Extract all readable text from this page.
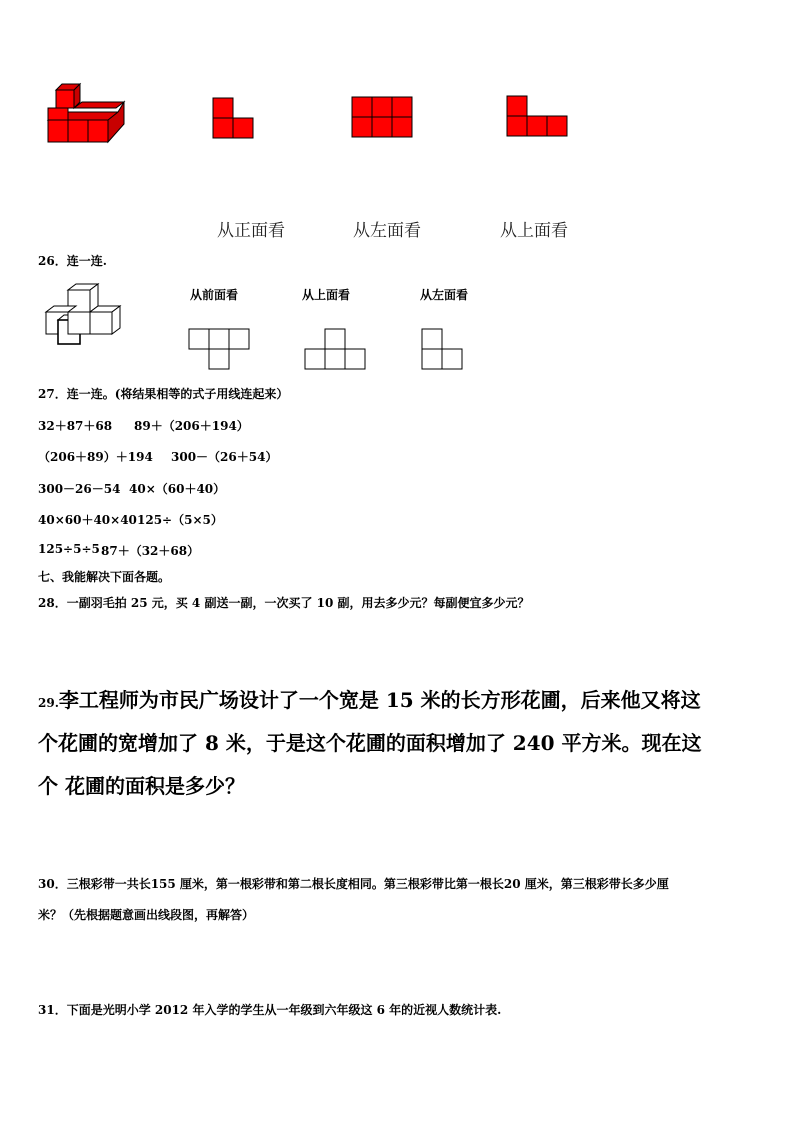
从正面看	从左面看	从上面看
26．连一连.
从前面看	从上面看	从左面看
27．连一连。(将结果相等的式子用线连起来）
32＋87＋68 89＋（206＋194）
（206＋89）＋194 300－（26＋54）
300－26－54 40×（60＋40）
40×60＋40×40 125÷（5×5）
125÷5÷5 87＋（32＋68）
七、我能解决下面各题。
28．一副羽毛拍 25 元，买 4 副送一副，一次买了 10 副，用去多少元？每副便宜多少元？
29.李工程师为市民广场设计了一个宽是 15 米的长方形花圃，后来他又将这
个花圃的宽增加了 8 米，于是这个花圃的面积增加了 240 平方米。现在这
个 花圃的面积是多少？
30．三根彩带一共长155 厘米，第一根彩带和第二根长度相同。第三根彩带比第一根长20 厘米，第三根彩带长多少厘
米？（先根据题意画出线段图，再解答）
31．下面是光明小学 2012 年入学的学生从一年级到六年级这 6 年的近视人数统计表.
